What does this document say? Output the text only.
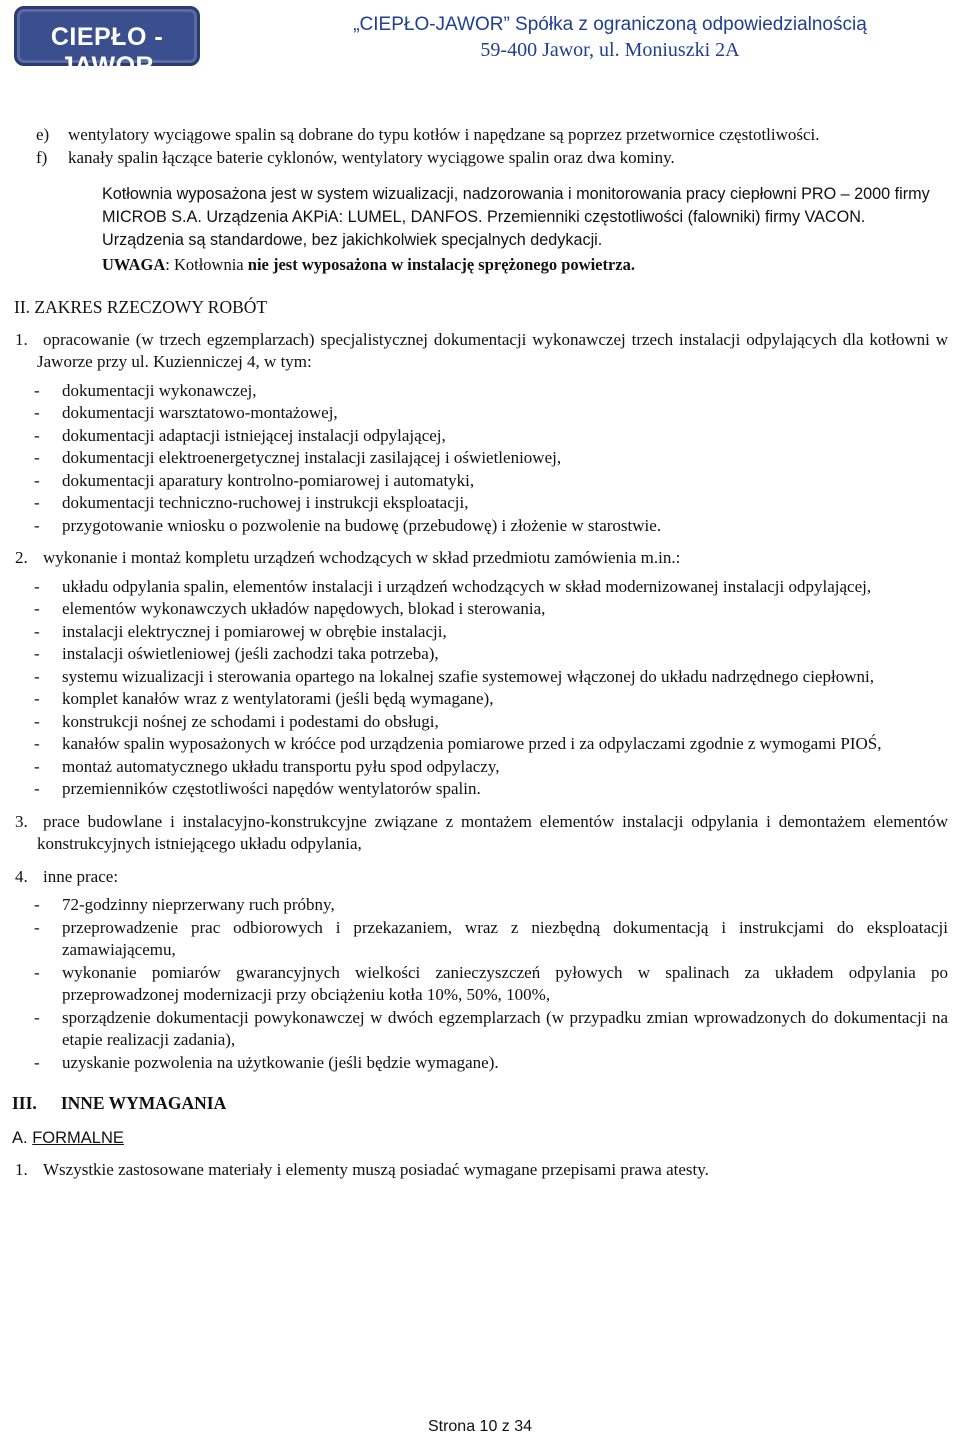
CIEPŁO - JAWOR
„CIEPŁO-JAWOR” Spółka z ograniczoną odpowiedzialnością
59-400 Jawor, ul. Moniuszki 2A
e)	wentylatory wyciągowe spalin są dobrane do typu kotłów i napędzane są poprzez przetwornice częstotliwości.
f)	kanały spalin łączące baterie cyklonów, wentylatory wyciągowe spalin oraz dwa kominy.
Kotłownia wyposażona jest w system wizualizacji, nadzorowania i monitorowania pracy ciepłowni PRO – 2000 firmy MICROB S.A. Urządzenia AKPiA: LUMEL, DANFOS. Przemienniki częstotliwości (falowniki) firmy VACON. Urządzenia są standardowe, bez jakichkolwiek specjalnych dedykacji.
UWAGA: Kotłownia nie jest wyposażona w instalację sprężonego powietrza.
II. ZAKRES RZECZOWY ROBÓT
1. opracowanie (w trzech egzemplarzach) specjalistycznej dokumentacji wykonawczej trzech instalacji odpylających dla kotłowni w Jaworze przy ul. Kuzienniczej 4, w tym:
- dokumentacji wykonawczej,
- dokumentacji warsztatowo-montażowej,
- dokumentacji adaptacji istniejącej instalacji odpylającej,
- dokumentacji elektroenergetycznej instalacji zasilającej i oświetleniowej,
- dokumentacji aparatury kontrolno-pomiarowej i automatyki,
- dokumentacji techniczno-ruchowej i instrukcji eksploatacji,
- przygotowanie wniosku o pozwolenie na budowę (przebudowę) i złożenie w starostwie.
2. wykonanie i montaż kompletu urządzeń wchodzących w skład przedmiotu zamówienia m.in.:
- układu odpylania spalin, elementów instalacji i urządzeń wchodzących w skład modernizowanej instalacji odpylającej,
- elementów wykonawczych układów napędowych, blokad i sterowania,
- instalacji elektrycznej i pomiarowej w obrębie instalacji,
- instalacji oświetleniowej (jeśli zachodzi taka potrzeba),
- systemu wizualizacji i sterowania opartego na lokalnej szafie systemowej włączonej do układu nadrzędnego ciepłowni,
- komplet kanałów wraz z wentylatorami (jeśli będą wymagane),
- konstrukcji nośnej ze schodami i podestami do obsługi,
- kanałów spalin wyposażonych w króćce pod urządzenia pomiarowe przed i za odpylaczami zgodnie z wymogami PIOŚ,
- montaż automatycznego układu transportu pyłu spod odpylaczy,
- przemienników częstotliwości napędów wentylatorów spalin.
3. prace budowlane i instalacyjno-konstrukcyjne związane z montażem elementów instalacji odpylania i demontażem elementów konstrukcyjnych istniejącego układu odpylania,
4. inne prace:
- 72-godzinny nieprzerwany ruch próbny,
- przeprowadzenie prac odbiorowych i przekazaniem, wraz z niezbędną dokumentacją i instrukcjami do eksploatacji zamawiającemu,
- wykonanie pomiarów gwarancyjnych wielkości zanieczyszczeń pyłowych w spalinach za układem odpylania po przeprowadzonej modernizacji przy obciążeniu kotła 10%, 50%, 100%,
- sporządzenie dokumentacji powykonawczej w dwóch egzemplarzach (w przypadku zmian wprowadzonych do dokumentacji na etapie realizacji zadania),
- uzyskanie pozwolenia na użytkowanie (jeśli będzie wymagane).
III. INNE WYMAGANIA
A. FORMALNE
1. Wszystkie zastosowane materiały i elementy muszą posiadać wymagane przepisami prawa atesty.
Strona 10 z 34
